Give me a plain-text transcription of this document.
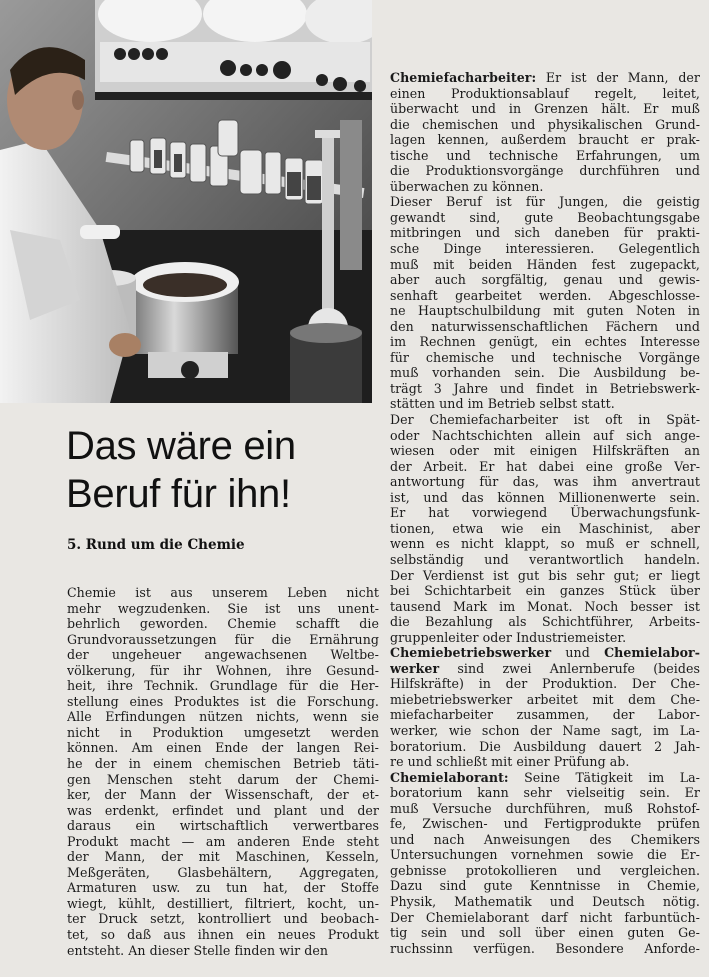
Das wäre ein
Beruf für ihn!
5. Rund um die Chemie
Chemie ist aus unserem Leben nicht
mehr wegzudenken. Sie ist uns unent-
behrlich geworden. Chemie schafft die
Grundvoraussetzungen für die Ernährung
der ungeheuer angewachsenen Weltbe-
völkerung, für ihr Wohnen, ihre Gesund-
heit, ihre Technik. Grundlage für die Her-
stellung eines Produktes ist die Forschung.
Alle Erfindungen nützen nichts, wenn sie
nicht in Produktion umgesetzt werden
können. Am einen Ende der langen Rei-
he der in einem chemischen Betrieb täti-
gen Menschen steht darum der Chemi-
ker, der Mann der Wissenschaft, der et-
was erdenkt, erfindet und plant und der
daraus ein wirtschaftlich verwertbares
Produkt macht — am anderen Ende steht
der Mann, der mit Maschinen, Kesseln,
Meßgeräten, Glasbehältern, Aggregaten,
Armaturen usw. zu tun hat, der Stoffe
wiegt, kühlt, destilliert, filtriert, kocht, un-
ter Druck setzt, kontrolliert und beobach-
tet, so daß aus ihnen ein neues Produkt
entsteht. An dieser Stelle finden wir den
Chemiefacharbeiter: Er ist der Mann, der
einen Produktionsablauf regelt, leitet,
überwacht und in Grenzen hält. Er muß
die chemischen und physikalischen Grund-
lagen kennen, außerdem braucht er prak-
tische und technische Erfahrungen, um
die Produktionsvorgänge durchführen und
überwachen zu können.
Dieser Beruf ist für Jungen, die geistig
gewandt sind, gute Beobachtungsgabe
mitbringen und sich daneben für prakti-
sche Dinge interessieren. Gelegentlich
muß mit beiden Händen fest zugepackt,
aber auch sorgfältig, genau und gewis-
senhaft gearbeitet werden. Abgeschlosse-
ne Hauptschulbildung mit guten Noten in
den naturwissenschaftlichen Fächern und
im Rechnen genügt, ein echtes Interesse
für chemische und technische Vorgänge
muß vorhanden sein. Die Ausbildung be-
trägt 3 Jahre und findet in Betriebswerk-
stätten und im Betrieb selbst statt.
Der Chemiefacharbeiter ist oft in Spät-
oder Nachtschichten allein auf sich ange-
wiesen oder mit einigen Hilfskräften an
der Arbeit. Er hat dabei eine große Ver-
antwortung für das, was ihm anvertraut
ist, und das können Millionenwerte sein.
Er hat vorwiegend Überwachungsfunk-
tionen, etwa wie ein Maschinist, aber
wenn es nicht klappt, so muß er schnell,
selbständig und verantwortlich handeln.
Der Verdienst ist gut bis sehr gut; er liegt
bei Schichtarbeit ein ganzes Stück über
tausend Mark im Monat. Noch besser ist
die Bezahlung als Schichtführer, Arbeits-
gruppenleiter oder Industriemeister.
Chemiebetriebswerker und Chemielabor-
werker sind zwei Anlernberufe (beides
Hilfskräfte) in der Produktion. Der Che-
miebetriebswerker arbeitet mit dem Che-
miefacharbeiter zusammen, der Labor-
werker, wie schon der Name sagt, im La-
boratorium. Die Ausbildung dauert 2 Jah-
re und schließt mit einer Prüfung ab.
Chemielaborant: Seine Tätigkeit im La-
boratorium kann sehr vielseitig sein. Er
muß Versuche durchführen, muß Rohstof-
fe, Zwischen- und Fertigprodukte prüfen
und nach Anweisungen des Chemikers
Untersuchungen vornehmen sowie die Er-
gebnisse protokollieren und vergleichen.
Dazu sind gute Kenntnisse in Chemie,
Physik, Mathematik und Deutsch nötig.
Der Chemielaborant darf nicht farbuntüch-
tig sein und soll über einen guten Ge-
ruchssinn verfügen. Besondere Anforde-
